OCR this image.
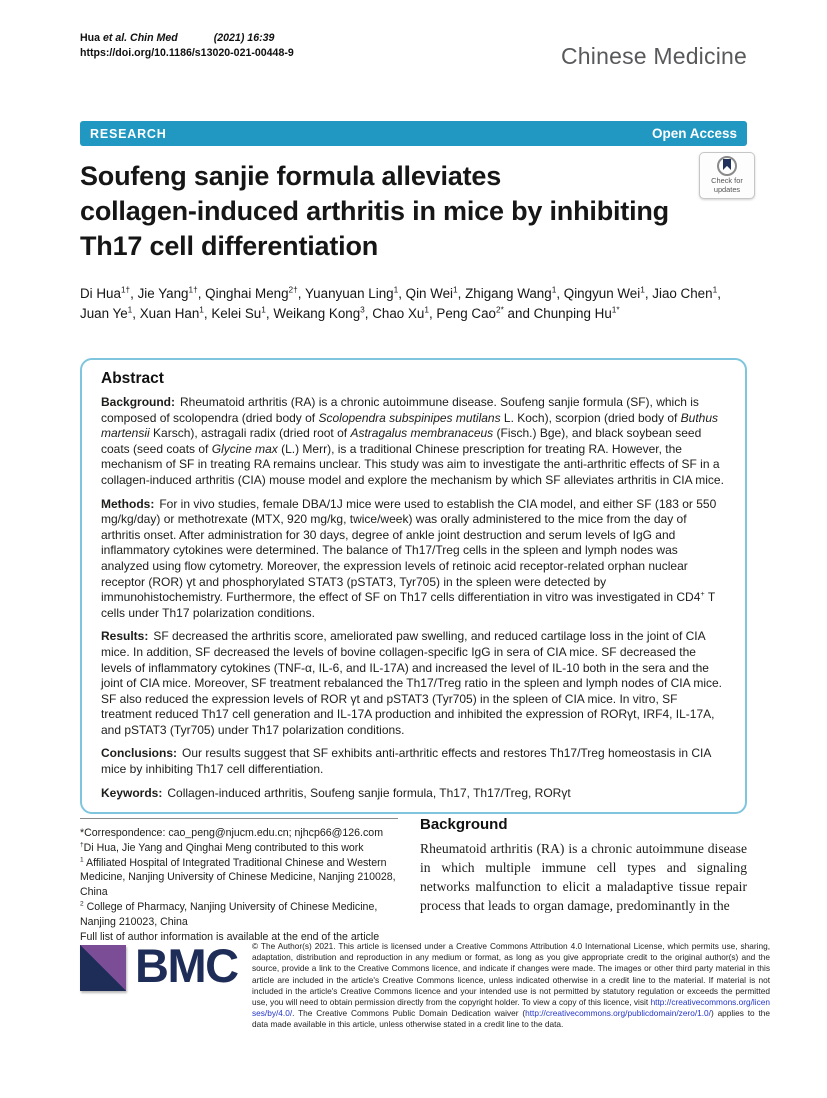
Hua et al. Chin Med	(2021) 16:39
https://doi.org/10.1186/s13020-021-00448-9	Chinese Medicine
RESEARCH	Open Access
Soufeng sanjie formula alleviates
collagen-induced arthritis in mice by inhibiting
Th17 cell differentiation
Check for
updates
Di Hua$^{1\dagger}$, Jie Yang$^{1\dagger}$, Qinghai Meng$^{2\dagger}$, Yuanyuan Ling$^1$, Qin Wei$^1$, Zhigang Wang$^1$, Qingyun Wei$^1$, Jiao Chen$^1$,
Juan Ye$^1$, Xuan Han$^1$, Kelei Su$^1$, Weikang Kong$^3$, Chao Xu$^1$, Peng Cao$^{2*}$ and Chunping $Hu^{1*}$
Abstract

Background: Rheumatoid arthritis (RA) is a chronic autoimmune disease. Soufeng sanjie formula (SF), which is composed of scolopendra (dried body of Scolopendra subspinipes mutilans L. Koch), scorpion (dried body of Buthus martensii Karsch), astragali radix (dried root of Astragalus membranaceus (Fisch.) Bge), and black soybean seed coats (seed coats of Glycine max (L.) Merr), is a traditional Chinese prescription for treating RA. However, the mechanism of SF in treating RA remains unclear. This study was aim to investigate the anti-arthritic effects of SF in a collagen-induced arthritis (CIA) mouse model and explore the mechanism by which SF alleviates arthritis in CIA mice.

Methods: For in vivo studies, female DBA/1J mice were used to establish the CIA model, and either SF (183 or 550 mg/kg/day) or methotrexate (MTX, 920 mg/kg, twice/week) was orally administered to the mice from the day of arthritis onset. After administration for 30 days, degree of ankle joint destruction and serum levels of IgG and inflammatory cytokines were determined. The balance of Th17/Treg cells in the spleen and lymph nodes was analyzed using flow cytometry. Moreover, the expression levels of retinoic acid receptor-related orphan nuclear receptor (ROR) γt and phosphorylated STAT3 (pSTAT3, Tyr705) in the spleen were detected by immunohistochemistry. Furthermore, the effect of SF on Th17 cells differentiation in vitro was investigated in CD4+ T cells under Th17 polarization conditions.

Results: SF decreased the arthritis score, ameliorated paw swelling, and reduced cartilage loss in the joint of CIA mice. In addition, SF decreased the levels of bovine collagen-specific IgG in sera of CIA mice. SF decreased the levels of inflammatory cytokines (TNF-α, IL-6, and IL-17A) and increased the level of IL-10 both in the sera and the joint of CIA mice. Moreover, SF treatment rebalanced the Th17/Treg ratio in the spleen and lymph nodes of CIA mice. SF also reduced the expression levels of ROR γt and pSTAT3 (Tyr705) in the spleen of CIA mice. In vitro, SF treatment reduced Th17 cell generation and IL-17A production and inhibited the expression of RORγt, IRF4, IL-17A, and pSTAT3 (Tyr705) under Th17 polarization conditions.

Conclusions: Our results suggest that SF exhibits anti-arthritic effects and restores Th17/Treg homeostasis in CIA mice by inhibiting Th17 cell differentiation.

Keywords: Collagen-induced arthritis, Soufeng sanjie formula, Th17, Th17/Treg, RORγt

*Correspondence: cao_peng@njucm.edu.cn; njhcp66@126.com
†Di Hua, Jie Yang and Qinghai Meng contributed to this work
$^1$ Affiliated Hospital of Integrated Traditional Chinese and Western Medicine, Nanjing University of Chinese Medicine, Nanjing 210028, China
$^2$ College of Pharmacy, Nanjing University of Chinese Medicine, Nanjing 210023, China
Full list of author information is available at the end of the article
Background

Rheumatoid arthritis (RA) is a chronic autoimmune disease in which multiple immune cell types and signaling networks malfunction to elicit a maladaptive tissue repair process that leads to organ damage, predominantly in the

BMC © The Author(s) 2021. This article is licensed under a Creative Commons Attribution 4.0 International License, which permits use, sharing, adaptation, distribution and reproduction in any medium or format, as long as you give appropriate credit to the original author(s) and the source, provide a link to the Creative Commons licence, and indicate if changes were made. The images or other third party material in this article are included in the article's Creative Commons licence, unless indicated otherwise in a credit line to the material. If material is not included in the article's Creative Commons licence and your intended use is not permitted by statutory regulation or exceeds the permitted use, you will need to obtain permission directly from the copyright holder. To view a copy of this licence, visit http://creativecommons.org/licenses/by/4.0/. The Creative Commons Public Domain Dedication waiver (http://creativecommons.org/publicdomain/zero/1.0/) applies to the data made available in this article, unless otherwise stated in a credit line to the data.
